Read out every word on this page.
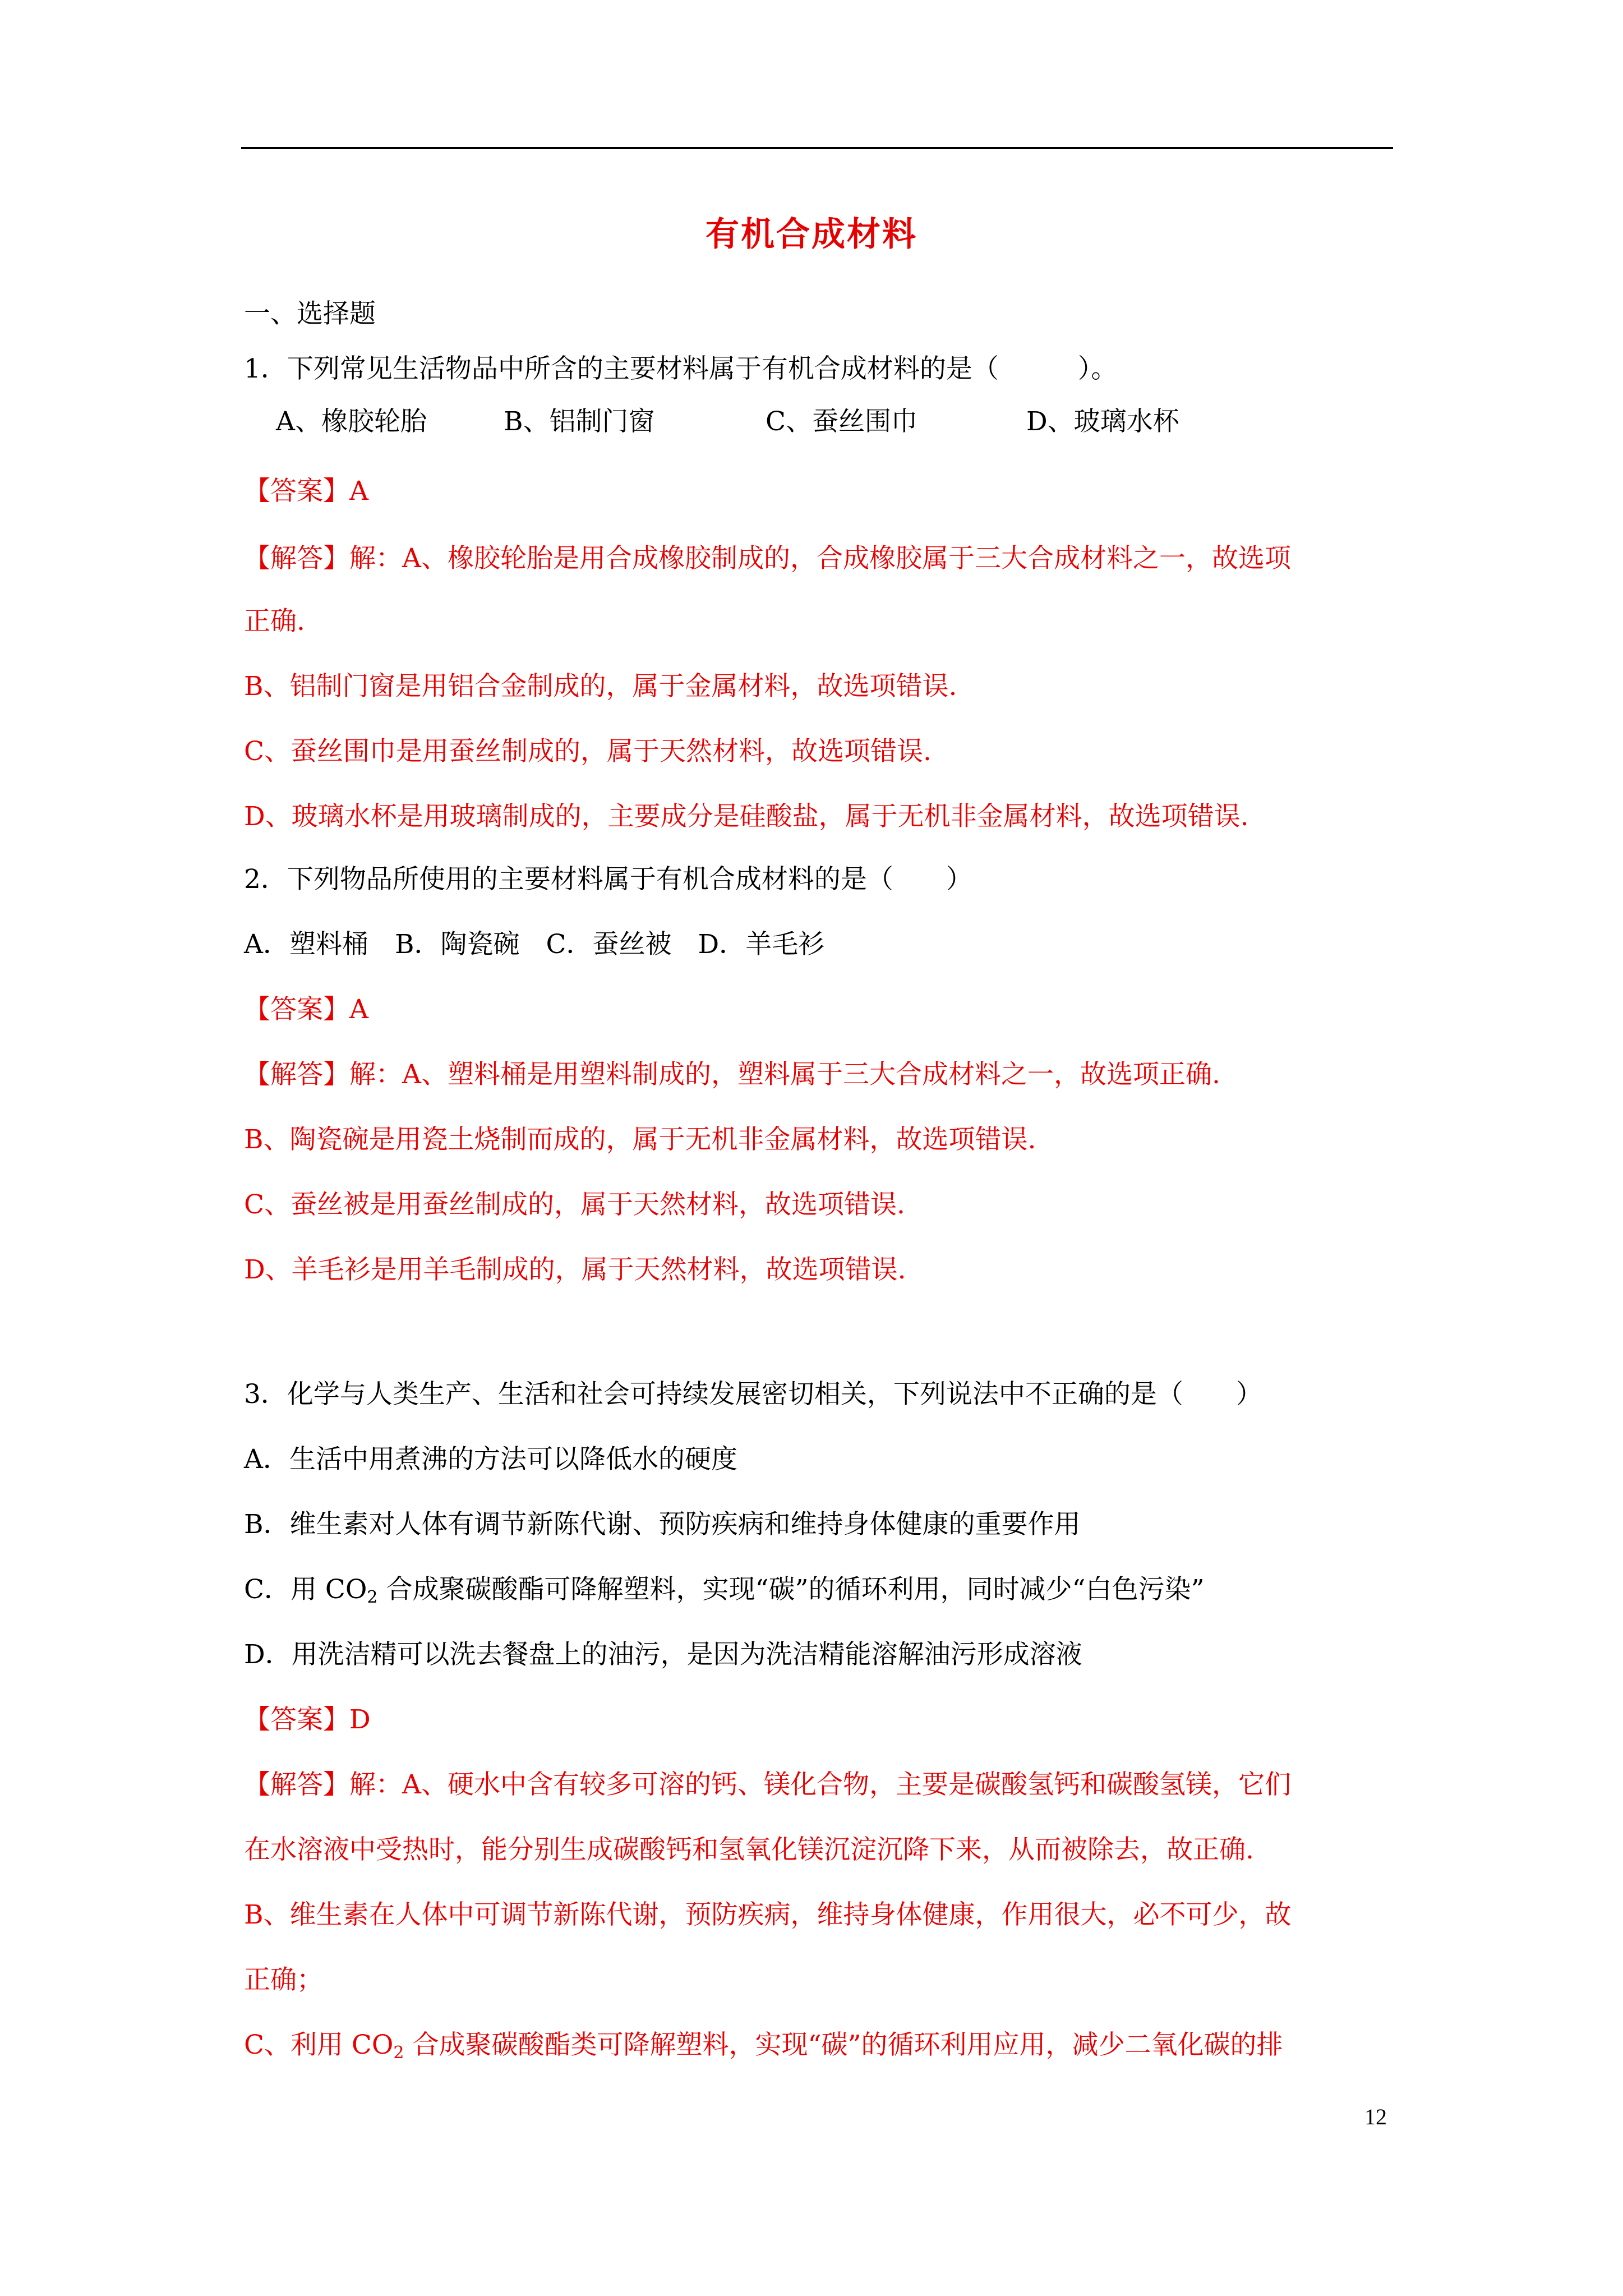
有机合成材料
一、选择题
1．下列常见生活物品中所含的主要材料属于有机合成材料的是（　　　）。
A、橡胶轮胎	B、铝制门窗	C、蚕丝围巾	D、玻璃水杯
【答案】A
【解答】解：A、橡胶轮胎是用合成橡胶制成的，合成橡胶属于三大合成材料之一，故选项
正确.
B、铝制门窗是用铝合金制成的，属于金属材料，故选项错误.
C、蚕丝围巾是用蚕丝制成的，属于天然材料，故选项错误.
D、玻璃水杯是用玻璃制成的，主要成分是硅酸盐，属于无机非金属材料，故选项错误.
2．下列物品所使用的主要材料属于有机合成材料的是（　　）
A．塑料桶　B．陶瓷碗　C．蚕丝被　D．羊毛衫
【答案】A
【解答】解：A、塑料桶是用塑料制成的，塑料属于三大合成材料之一，故选项正确.
B、陶瓷碗是用瓷土烧制而成的，属于无机非金属材料，故选项错误.
C、蚕丝被是用蚕丝制成的，属于天然材料，故选项错误.
D、羊毛衫是用羊毛制成的，属于天然材料，故选项错误.
3．化学与人类生产、生活和社会可持续发展密切相关，下列说法中不正确的是（　　）
A．生活中用煮沸的方法可以降低水的硬度
B．维生素对人体有调节新陈代谢、预防疾病和维持身体健康的重要作用
C．用 $CO_2$ 合成聚碳酸酯可降解塑料，实现“碳”的循环利用，同时减少“白色污染”
D．用洗洁精可以洗去餐盘上的油污，是因为洗洁精能溶解油污形成溶液
【答案】D
【解答】解：A、硬水中含有较多可溶的钙、镁化合物，主要是碳酸氢钙和碳酸氢镁，它们
在水溶液中受热时，能分别生成碳酸钙和氢氧化镁沉淀沉降下来，从而被除去，故正确.
B、维生素在人体中可调节新陈代谢，预防疾病，维持身体健康，作用很大，必不可少，故
正确；
C、利用 $CO_2$ 合成聚碳酸酯类可降解塑料，实现“碳”的循环利用应用，减少二氧化碳的排
12
